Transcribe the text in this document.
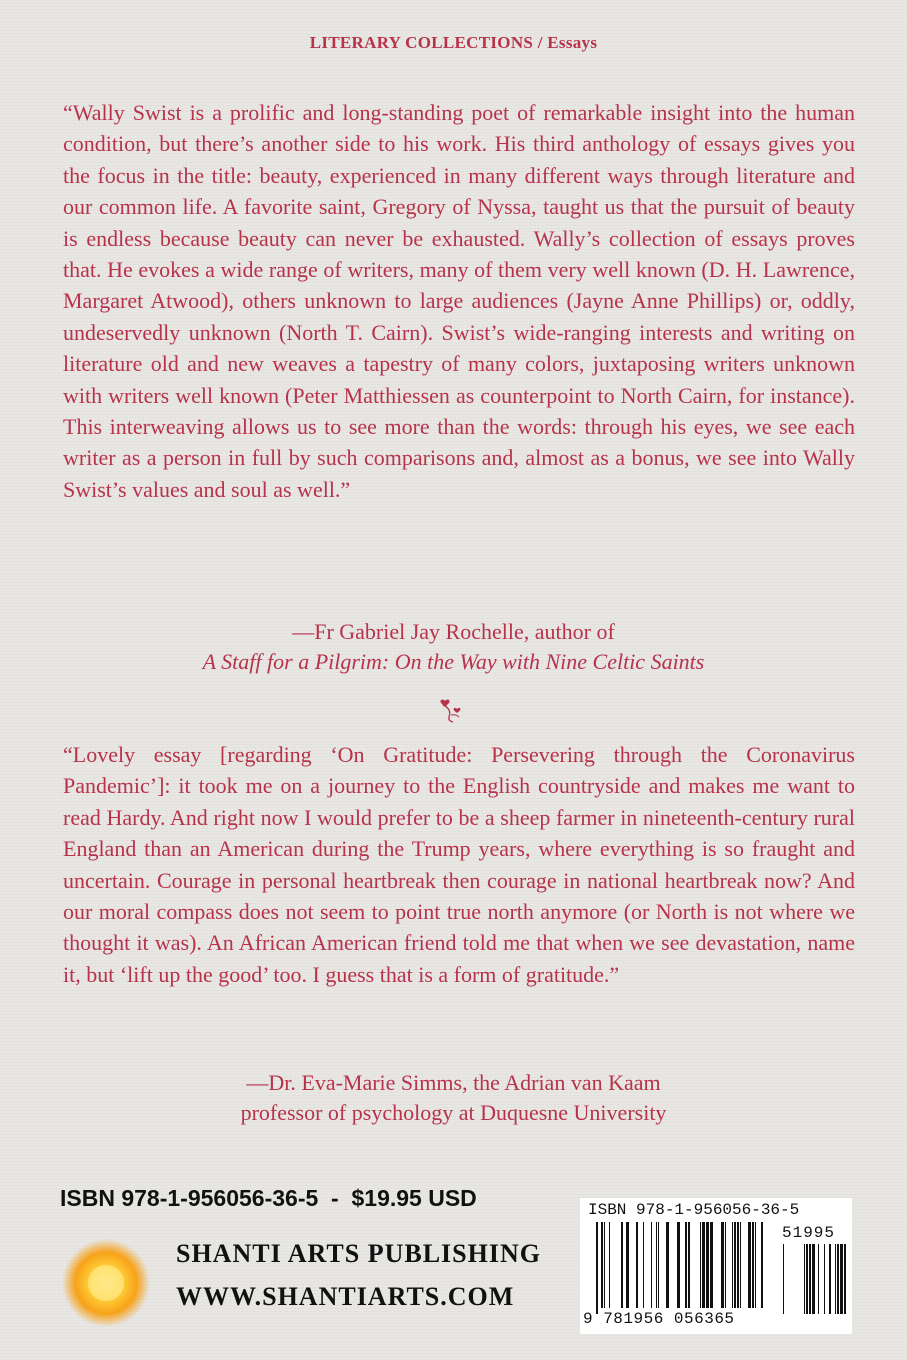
LITERARY COLLECTIONS / Essays

“Wally Swist is a prolific and long-standing poet of remarkable insight into the human condition, but there’s another side to his work. His third anthology of essays gives you the focus in the title: beauty, experienced in many different ways through literature and our common life. A favorite saint, Gregory of Nyssa, taught us that the pursuit of beauty is endless because beauty can never be exhausted. Wally’s collection of essays proves that. He evokes a wide range of writers, many of them very well known (D. H. Lawrence, Margaret Atwood), others unknown to large audiences (Jayne Anne Phillips) or, oddly, undeservedly unknown (North T. Cairn). Swist’s wide-ranging interests and writing on literature old and new weaves a tapestry of many colors, juxtaposing writers unknown with writers well known (Peter Matthiessen as counterpoint to North Cairn, for instance). This interweaving allows us to see more than the words: through his eyes, we see each writer as a person in full by such comparisons and, almost as a bonus, we see into Wally Swist’s values and soul as well.”

—Fr Gabriel Jay Rochelle, author of
A Staff for a Pilgrim: On the Way with Nine Celtic Saints

“Lovely essay [regarding ‘On Gratitude: Persevering through the Coronavirus Pandemic’]: it took me on a journey to the English countryside and makes me want to read Hardy. And right now I would prefer to be a sheep farmer in nineteenth-century rural England than an American during the Trump years, where everything is so fraught and uncertain. Courage in personal heartbreak then courage in national heartbreak now? And our moral compass does not seem to point true north anymore (or North is not where we thought it was). An African American friend told me that when we see devastation, name it, but ‘lift up the good’ too. I guess that is a form of gratitude.”

—Dr. Eva-Marie Simms, the Adrian van Kaam
professor of psychology at Duquesne University
ISBN 978-1-956056-36-5  -  $19.95 USD
SHANTI ARTS PUBLISHING
WWW.SHANTIARTS.COM
ISBN 978-1-956056-36-5
51995
9 781956 056365
